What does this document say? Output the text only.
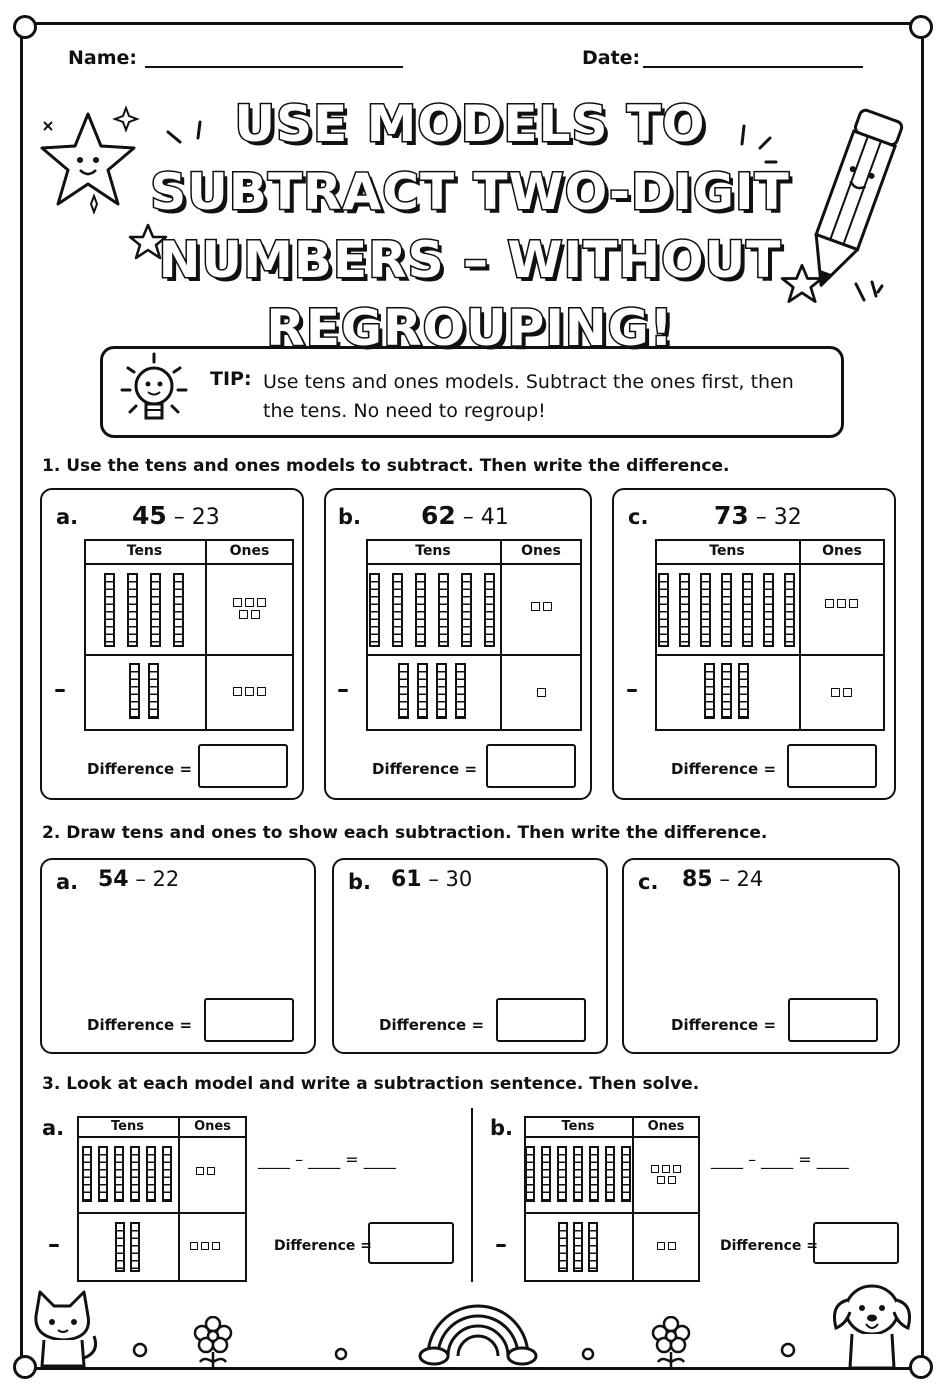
Name:	Date:
USE MODELS TO SUBTRACT TWO-DIGIT NUMBERS – WITHOUT REGROUPING!
TIP: Use tens and ones models. Subtract the ones first, then the tens. No need to regroup!
1. Use the tens and ones models to subtract. Then write the difference.
a. 45 – 23
Tens	Ones
–
Difference =
b. 62 – 41
Tens	Ones
–
Difference =
c.	73 – 32
Tens	Ones
–
Difference =
2. Draw tens and ones to show each subtraction. Then write the difference.
a. 54 – 22
Difference =
b. 61 – 30
Difference =
c. 85 – 24
Difference =
3. Look at each model and write a subtraction sentence. Then solve.
a.	Tens	Ones
–
____ – ____ = ____
Difference =
b.	Tens	Ones
–
____ – ____ = ____
Difference =
